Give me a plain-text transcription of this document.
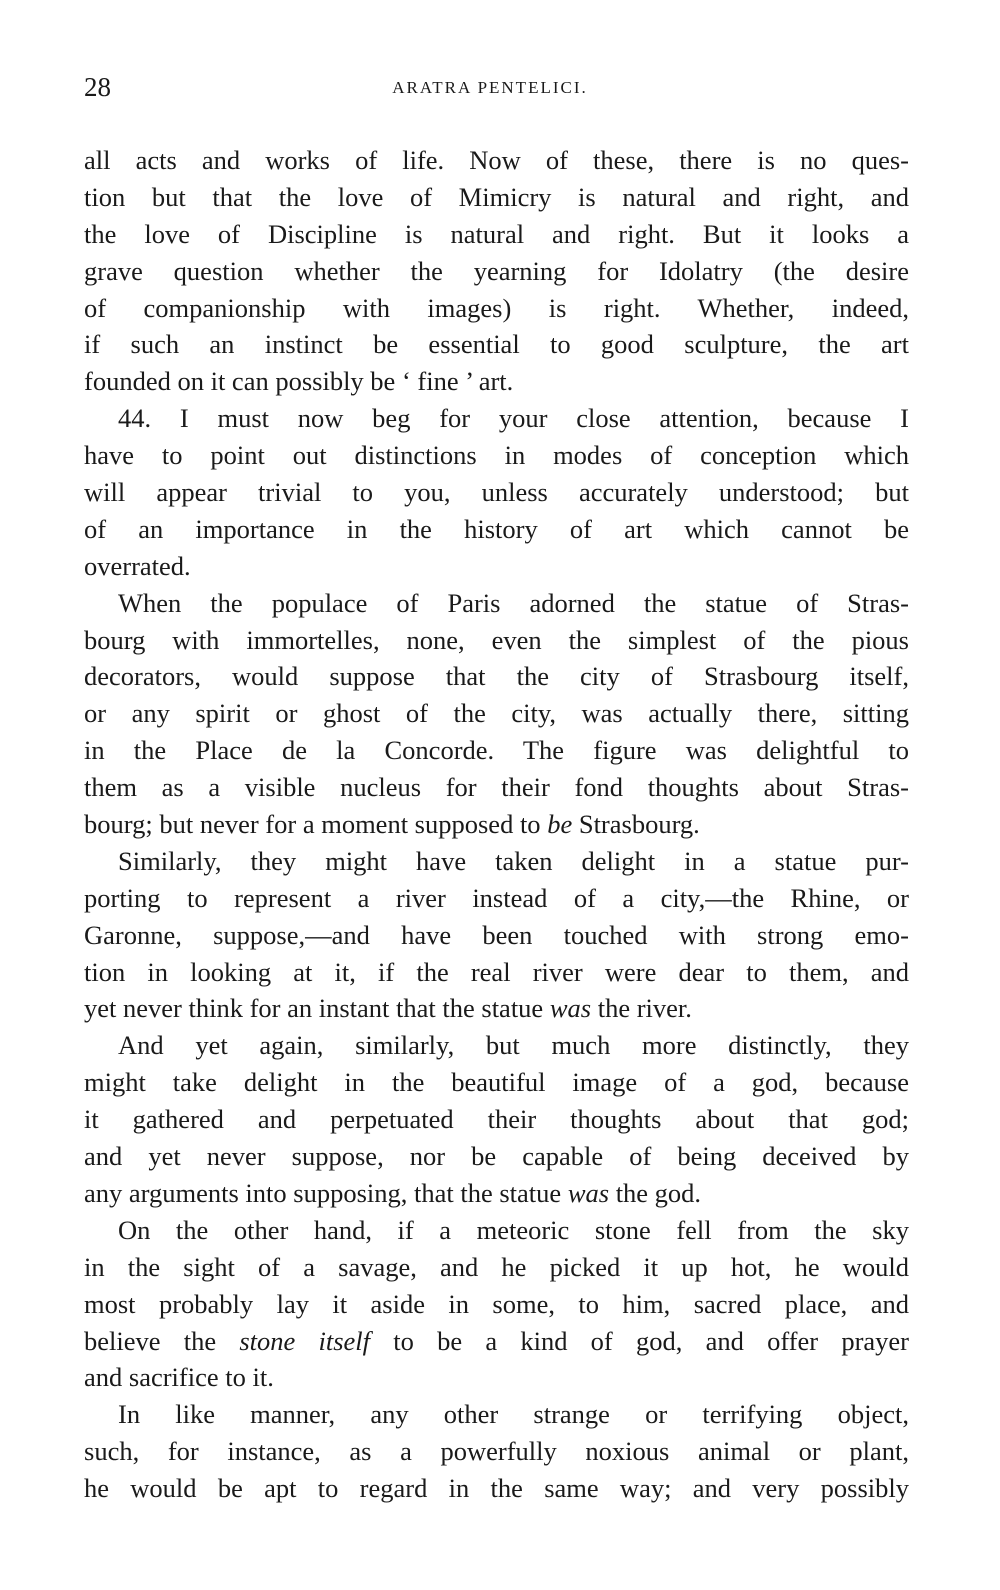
28	ARATRA PENTELICI.
all acts and works of life. Now of these, there is no ques-
tion but that the love of Mimicry is natural and right, and
the love of Discipline is natural and right. But it looks a
grave question whether the yearning for Idolatry (the desire
of companionship with images) is right. Whether, indeed,
if such an instinct be essential to good sculpture, the art
founded on it can possibly be ‘ fine ’ art.
44. I must now beg for your close attention, because I
have to point out distinctions in modes of conception which
will appear trivial to you, unless accurately understood; but
of an importance in the history of art which cannot be
overrated.
When the populace of Paris adorned the statue of Stras-
bourg with immortelles, none, even the simplest of the pious
decorators, would suppose that the city of Strasbourg itself,
or any spirit or ghost of the city, was actually there, sitting
in the Place de la Concorde. The figure was delightful to
them as a visible nucleus for their fond thoughts about Stras-
bourg; but never for a moment supposed to be Strasbourg.
Similarly, they might have taken delight in a statue pur-
porting to represent a river instead of a city,—the Rhine, or
Garonne, suppose,—and have been touched with strong emo-
tion in looking at it, if the real river were dear to them, and
yet never think for an instant that the statue was the river.
And yet again, similarly, but much more distinctly, they
might take delight in the beautiful image of a god, because
it gathered and perpetuated their thoughts about that god;
and yet never suppose, nor be capable of being deceived by
any arguments into supposing, that the statue was the god.
On the other hand, if a meteoric stone fell from the sky
in the sight of a savage, and he picked it up hot, he would
most probably lay it aside in some, to him, sacred place, and
believe the stone itself to be a kind of god, and offer prayer
and sacrifice to it.
In like manner, any other strange or terrifying object,
such, for instance, as a powerfully noxious animal or plant,
he would be apt to regard in the same way; and very possibly
